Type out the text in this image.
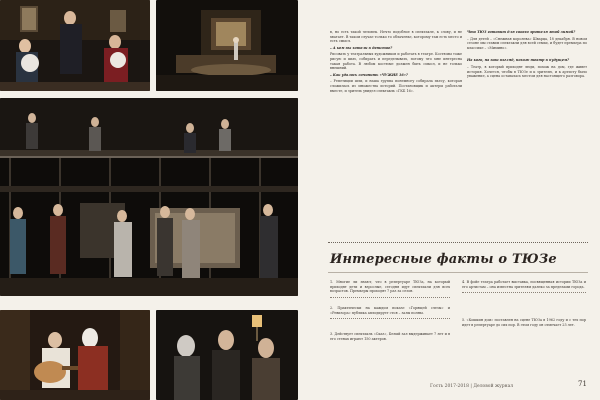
в, но есть такой человек. Нечто подобное в спектакле, к слову, и не хватает. В таком случае только то облаченье, которому там есть место и есть смысл.

– А кем вы хотели в детстве?

Рисовать у театральных художников и работать в театре. Костюмы тоже рисую и шью, собирать и переделывать, потому что мне интересна такая работа. В любом костюме должен быть смысл, и не только внешний.

– Как удалось сочинить «ЧУЖИЕ 16»?

– Репетиции шли, и наша группа понемногу собирала пьесу, которая сложилась из множества историй. Постановщик и актеры работали вместе, и зритель увидел спектакль «ГКБ 16».

Что ТЮЗ готовит для своего зрителя этой зимой?

– Для детей – «Снежная королева» Шварца, 18 декабря. В новом сезоне мы ставим спектакли для всей семьи, и будет премьера по классике – «Мимино».

На кого, на ваш взгляд, похож театр в будущем?

– Театр, в который приходят люди, похож на дом, где живет история. Хочется, чтобы в ТЮЗе и к зрителю, и к артисту было уважение, а сцена оставалась местом для настоящего разговора.

Интересные факты о ТЮЗе
1. Многие ли знают, что в репертуаре ТЮЗа, на который приходят дети и взрослые, сегодня идут спектакли для всех возрастов. Премьеры проходят 7 раз за сезон.
2. Практически на каждом показе «Горящей слезы» и «Ревизора» публика аплодирует стоя – залы полны.
3. Действует спектакль «Сказ», Белый зал выдерживает 7 лет и в его стенах играют 150 актеров.
4. В фойе театра работает выставка, посвященная истории ТЮЗа и его артистам – она известна зрителям далеко за пределами города.
5. «Кошкин дом» поставлен на сцене ТЮЗа в 1962 году и с тех пор идет в репертуаре до сих пор. В этом году он отмечает 25 лет.
Гость 2017-2018 | Деловой журнал	71
